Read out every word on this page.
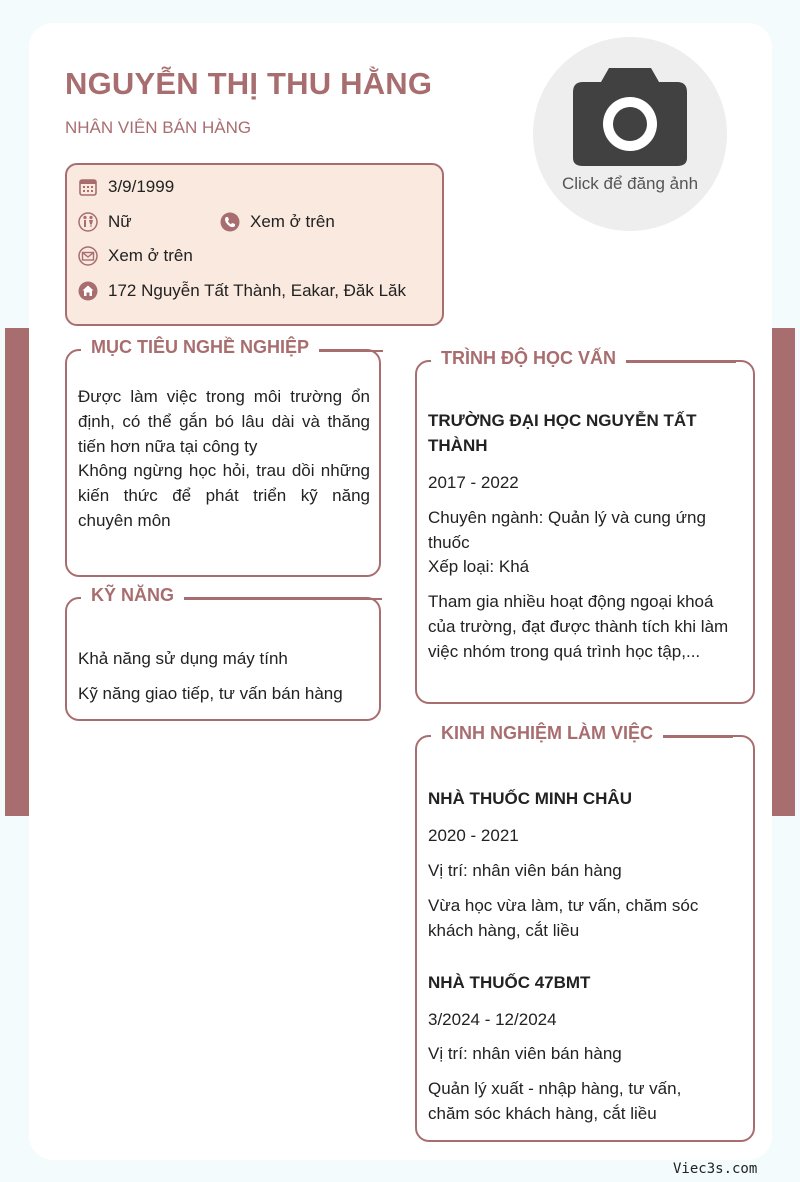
NGUYỄN THỊ THU HẰNG
NHÂN VIÊN BÁN HÀNG
Click để đăng ảnh
3/9/1999
Nữ	Xem ở trên
Xem ở trên
172 Nguyễn Tất Thành, Eakar, Đăk Lăk
MỤC TIÊU NGHỀ NGHIỆP
Được làm việc trong môi trường ổn định, có thể gắn bó lâu dài và thăng tiến hơn nữa tại công ty
Không ngừng học hỏi, trau dồi những kiến thức để phát triển kỹ năng chuyên môn
KỸ NĂNG
Khả năng sử dụng máy tính
Kỹ năng giao tiếp, tư vấn bán hàng
TRÌNH ĐỘ HỌC VẤN
TRƯỜNG ĐẠI HỌC NGUYỄN TẤT THÀNH
2017 - 2022
Chuyên ngành: Quản lý và cung ứng thuốc
Xếp loại: Khá
Tham gia nhiều hoạt động ngoại khoá của trường, đạt được thành tích khi làm việc nhóm trong quá trình học tập,...
KINH NGHIỆM LÀM VIỆC
NHÀ THUỐC MINH CHÂU
2020 - 2021
Vị trí: nhân viên bán hàng
Vừa học vừa làm, tư vấn, chăm sóc khách hàng, cắt liều
NHÀ THUỐC 47BMT
3/2024 - 12/2024
Vị trí: nhân viên bán hàng
Quản lý xuất - nhập hàng, tư vấn, chăm sóc khách hàng, cắt liều
Viec3s.com
